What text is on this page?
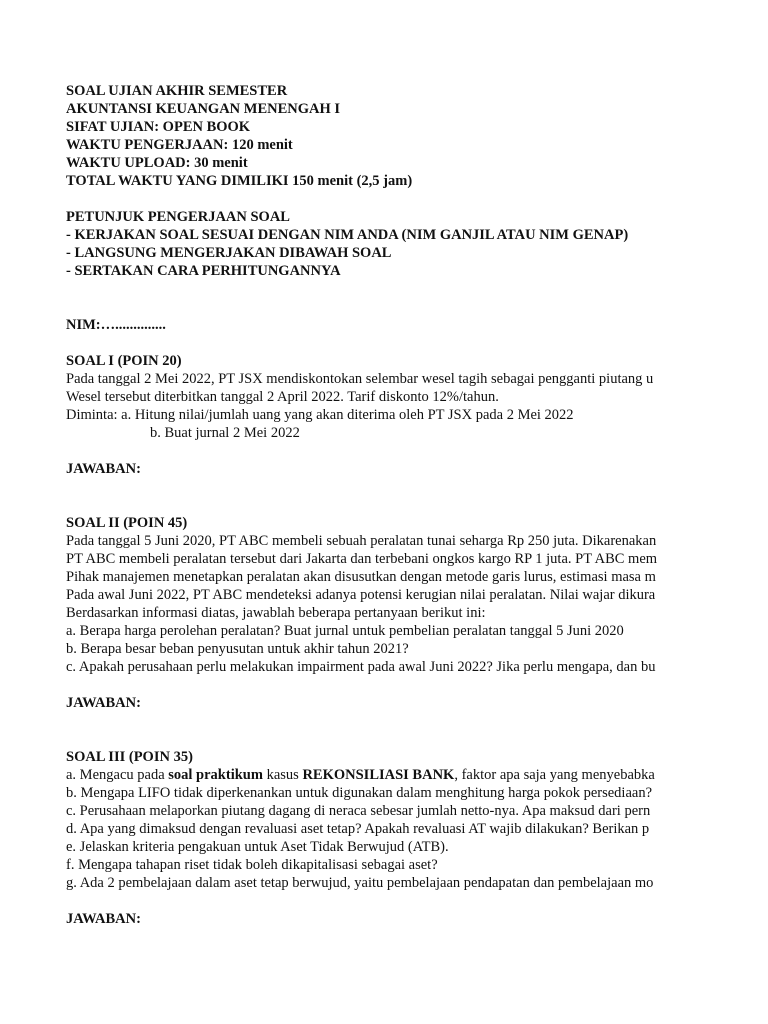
SOAL UJIAN AKHIR SEMESTER
AKUNTANSI KEUANGAN MENENGAH I
SIFAT UJIAN: OPEN BOOK
WAKTU PENGERJAAN: 120 menit
WAKTU UPLOAD: 30 menit
TOTAL WAKTU YANG DIMILIKI 150 menit (2,5 jam)
PETUNJUK PENGERJAAN SOAL
- KERJAKAN SOAL SESUAI DENGAN NIM ANDA (NIM GANJIL ATAU NIM GENAP)
- LANGSUNG MENGERJAKAN DIBAWAH SOAL
- SERTAKAN CARA PERHITUNGANNYA
NIM:…..............
SOAL I (POIN 20)
Pada tanggal 2 Mei 2022, PT JSX mendiskontokan selembar wesel tagih sebagai pengganti piutang u
Wesel tersebut diterbitkan tanggal 2 April 2022. Tarif diskonto 12%/tahun.
Diminta: a. Hitung nilai/jumlah uang yang akan diterima oleh PT JSX pada 2 Mei 2022
b. Buat jurnal 2 Mei 2022
JAWABAN:
SOAL II (POIN 45)
Pada tanggal 5 Juni 2020, PT ABC membeli sebuah peralatan tunai seharga Rp 250 juta. Dikarenakan
PT ABC membeli peralatan tersebut dari Jakarta dan terbebani ongkos kargo RP 1 juta. PT ABC mem
Pihak manajemen menetapkan peralatan akan disusutkan dengan metode garis lurus, estimasi masa m
Pada awal Juni 2022, PT ABC mendeteksi adanya potensi kerugian nilai peralatan. Nilai wajar dikura
Berdasarkan informasi diatas, jawablah beberapa pertanyaan berikut ini:
a. Berapa harga perolehan peralatan? Buat jurnal untuk pembelian peralatan tanggal 5 Juni 2020
b. Berapa besar beban penyusutan untuk akhir tahun 2021?
c. Apakah perusahaan perlu melakukan impairment pada awal Juni 2022? Jika perlu mengapa, dan bu
JAWABAN:
SOAL III (POIN 35)
a. Mengacu pada soal praktikum kasus REKONSILIASI BANK, faktor apa saja yang menyebabka
b. Mengapa LIFO tidak diperkenankan untuk digunakan dalam menghitung harga pokok persediaan?
c. Perusahaan melaporkan piutang dagang di neraca sebesar jumlah netto-nya. Apa maksud dari pern
d. Apa yang dimaksud dengan revaluasi aset tetap? Apakah revaluasi AT wajib dilakukan? Berikan p
e. Jelaskan kriteria pengakuan untuk Aset Tidak Berwujud (ATB).
f. Mengapa tahapan riset tidak boleh dikapitalisasi sebagai aset?
g. Ada 2 pembelajaan dalam aset tetap berwujud, yaitu pembelajaan pendapatan dan pembelajaan mo
JAWABAN:
